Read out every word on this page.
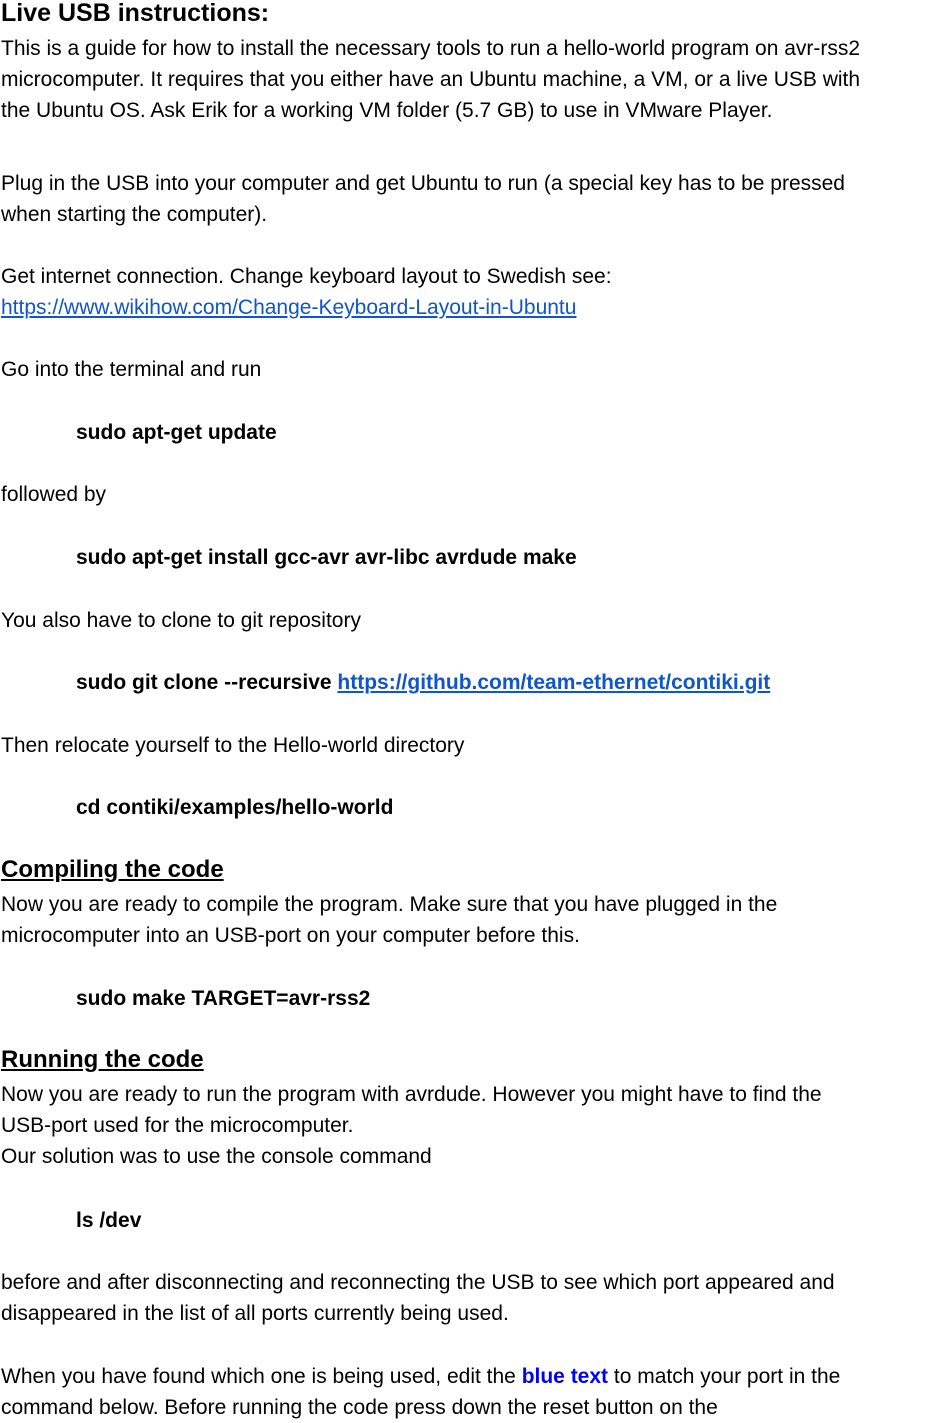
Live USB instructions:

This is a guide for how to install the necessary tools to run a hello-world program on avr-rss2

microcomputer. It requires that you either have an Ubuntu machine, a VM, or a live USB with

the Ubuntu OS. Ask Erik for a working VM folder (5.7 GB) to use in VMware Player.

Plug in the USB into your computer and get Ubuntu to run (a special key has to be pressed

when starting the computer).

Get internet connection. Change keyboard layout to Swedish see:

https://www.wikihow.com/Change-Keyboard-Layout-in-Ubuntu

Go into the terminal and run

sudo apt-get update

followed by

sudo apt-get install gcc-avr avr-libc avrdude make

You also have to clone to git repository

sudo git clone --recursive https://github.com/team-ethernet/contiki.git

Then relocate yourself to the Hello-world directory

cd contiki/examples/hello-world

Compiling the code

Now you are ready to compile the program. Make sure that you have plugged in the

microcomputer into an USB-port on your computer before this.

sudo make TARGET=avr-rss2

Running the code

Now you are ready to run the program with avrdude. However you might have to find the

USB-port used for the microcomputer.

Our solution was to use the console command

ls /dev

before and after disconnecting and reconnecting the USB to see which port appeared and

disappeared in the list of all ports currently being used.

When you have found which one is being used, edit the blue text to match your port in the

command below. Before running the code press down the reset button on the
